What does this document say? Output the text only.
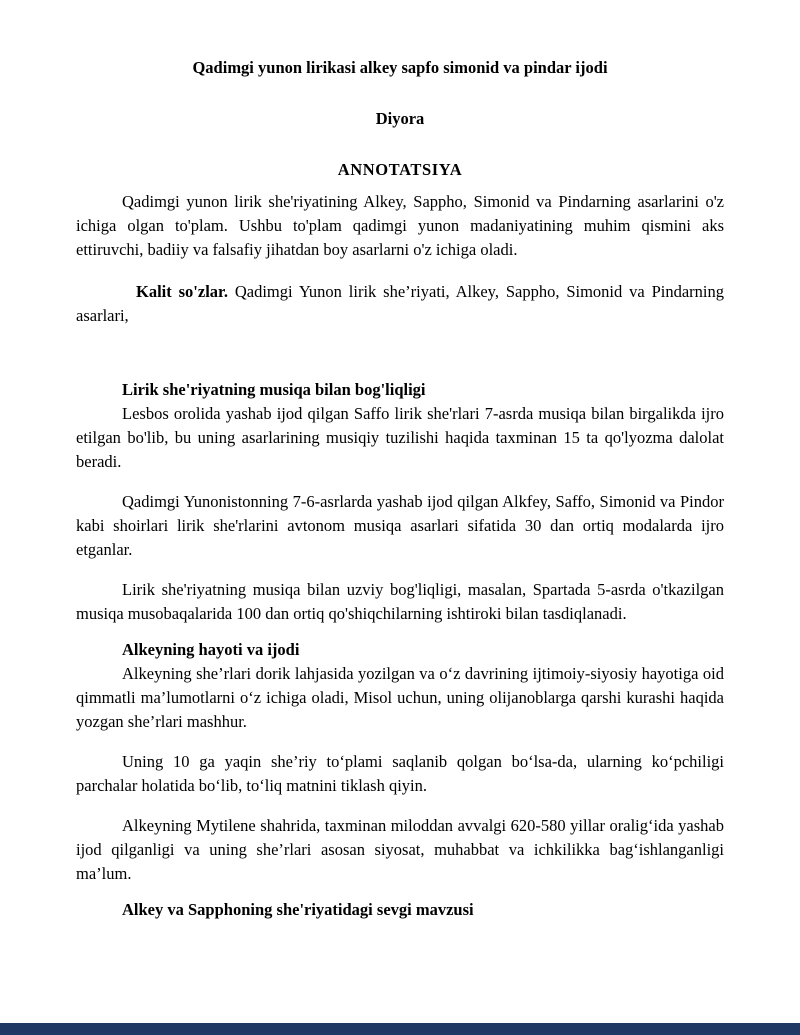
Qadimgi yunon lirikasi alkey sapfo simonid va pindar ijodi

Diyora

ANNOTATSIYA

Qadimgi yunon lirik she'riyatining Alkey, Sappho, Simonid va Pindarning asarlarini o'z ichiga olgan to'plam. Ushbu to'plam qadimgi yunon madaniyatining muhim qismini aks ettiruvchi, badiiy va falsafiy jihatdan boy asarlarni o'z ichiga oladi.

Kalit so'zlar. Qadimgi Yunon lirik she’riyati, Alkey, Sappho, Simonid va Pindarning asarlari,

Lirik she'riyatning musiqa bilan bog'liqligi

Lesbos orolida yashab ijod qilgan Saffo lirik she'rlari 7-asrda musiqa bilan birgalikda ijro etilgan bo'lib, bu uning asarlarining musiqiy tuzilishi haqida taxminan 15 ta qo'lyozma dalolat beradi.

Qadimgi Yunonistonning 7-6-asrlarda yashab ijod qilgan Alkfey, Saffo, Simonid va Pindor kabi shoirlari lirik she'rlarini avtonom musiqa asarlari sifatida 30 dan ortiq modalarda ijro etganlar.

Lirik she'riyatning musiqa bilan uzviy bog'liqligi, masalan, Spartada 5-asrda o'tkazilgan musiqa musobaqalarida 100 dan ortiq qo'shiqchilarning ishtiroki bilan tasdiqlanadi.

Alkeyning hayoti va ijodi

Alkeyning she’rlari dorik lahjasida yozilgan va o‘z davrining ijtimoiy-siyosiy hayotiga oid qimmatli ma’lumotlarni o‘z ichiga oladi, Misol uchun, uning olijanoblarga qarshi kurashi haqida yozgan she’rlari mashhur.

Uning 10 ga yaqin she’riy to‘plami saqlanib qolgan bo‘lsa-da, ularning ko‘pchiligi parchalar holatida bo‘lib, to‘liq matnini tiklash qiyin.

Alkeyning Mytilene shahrida, taxminan miloddan avvalgi 620-580 yillar oralig‘ida yashab ijod qilganligi va uning she’rlari asosan siyosat, muhabbat va ichkilikka bag‘ishlanganligi ma’lum.

Alkey va Sapphoning she'riyatidagi sevgi mavzusi
